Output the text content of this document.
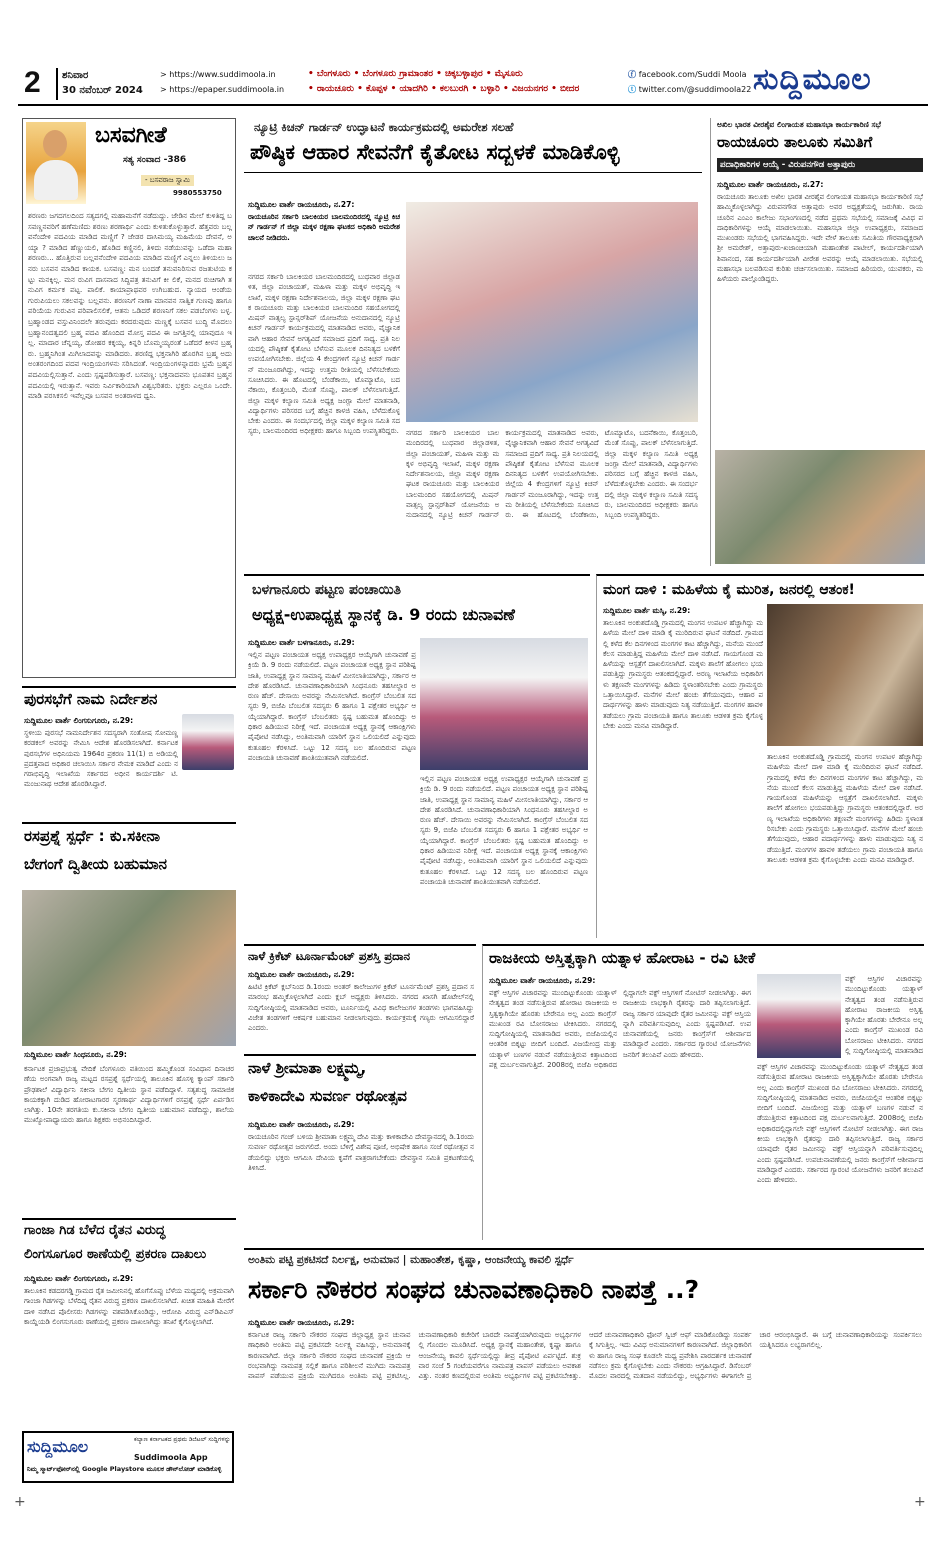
2 ಶನಿವಾರ
30 ನವೆಂಬರ್ 2024
> https://www.suddimoola.in
> https://epaper.suddimoola.in
• ಬೆಂಗಳೂರು • ಬೆಂಗಳೂರು ಗ್ರಾಮಾಂತರ • ಚಿಕ್ಕಬಳ್ಳಾಪುರ • ಮೈಸೂರು
• ರಾಯಚೂರು • ಕೊಪ್ಪಳ • ಯಾದಗಿರಿ • ಕಲಬುರಗಿ • ಬಳ್ಳಾರಿ • ವಿಜಯನಗರ • ಬೀದರ
ⓕ facebook.com/Suddi Moola
ⓣ twitter.com/@suddimoola22 ಸುದ್ದಿಮೂಲ
ಬಸವಗೀತೆ
ಸತ್ಯ ಸಂವಾದ -386
- ಬಸವರಾಜ ಸ್ವಾಮಿ
9980553750
ಶರಣರು ಜಗದಗಲದಿಂದ ಸತ್ಯದಗಲ್ಲಿ ಮಹಾಮನೆಗೆ ನಡೆದುದ್ದು. ಜೇಡಿನ ಮೇಲೆ ಕುಳಿತಿದ್ದ ಬಸವಣ್ಣನವರಿಗೆ ಹಣೆಮಣಿದು ಶರಣು ಶರಣಾರ್ಥಿ ಎಂದು ಕುಳಿತುಕೊಳ್ಳುತ್ತಾರೆ. ಹೆತ್ತವರು ಬಲ್ಲವನೆಂದೇಳಿ ಪದವಿಯ ಮಾಡಿದ ಮಣ್ಣಿಗೆ ? ಜೇಡರ ದಾಸಿಮಯ್ಯ ಮಹಿಮೆಯ ದೇವನೆ, ಅಯ್ಯಾ ? ಮಾಡಿದ ಹೆಣ್ಣುಯಲಿ, ಹೊಡಿದ ಕಣ್ಣಿನಲಿ, ತಿಳಿದು ನಡೆಯುವನ್ನು ಒಡೆದಾ ಮಹಾ ಶರಣರು... ಹೊತ್ತಿರುವ ಬಲ್ಲವನೆಂದೇಳಿ ಪದವಿಯ ಮಾಡಿದ ಮಣ್ಣಿಗೆ ಎನ್ನಲು ತಿಳಿಯಲು ಜನರು ಬಸವನ ಮಾಡಿದ ಕಾಯಕ. ಬಸವಣ್ಣ: ಮನ ಬಂದಡೆ ತನುವನಿರಿಸುವ ರಜತುಟಿಯ ಕಟ್ಟು ಮನಕ್ಕಿಲ್ಲ. ಮನ ರುವಿಗ ದಾಸನಾದ ಸಿದ್ಧಿಪತ್ರ ತನುವಿಗೆ ಕೀ ಲಿಕೆ, ಮನದ ರುಚಿಗಾಗಿ ತನುವಿಗ ಕರ್ಮಕ ಪಟ್ಟ. ಪಾಲಿಕೆ. ಕಾಯಾಪ್ರಾಥವರ ಉಗಿಬಹುದ. ನ್ಯಾಯದ ಆಂಡೆಯ ಗುರುಪಿಯಲು ಸಕಲವನ್ನು ಬಲ್ಲವನು. ಶರಣನಿಗೆ ನಾಣಾ ಮಾನವನ ಸಾತ್ವಿಕ ಗುಣವು ಹಾಗೂ ಪರಿಯೆಯ ಗುರುವಿನ ಪರಿಪಾಲಿಸಲಿಕೆ, ಆತನು ಒಡಿದರೆ ಶರಣನಿಗೆ ಸಕಲ ಪಡಬೆಂಗಳು ಬಳ್ಳ. ಬ್ರಹ್ಮಾಂಡದ ವಸ್ತುವಿನಿಂದಲೇ ತರುವುದು ಕರದರುವುದು ಮಣ್ಣಕ್ಕೆ ಬಸವನ ಬುದ್ಧಿ ಮೊದಲು ಬ್ರಹ್ಮಾನಂದತ್ವದಲಿ ಬ್ರಹ್ಮ ಪದವಿ ಹೊಂದಿದ ಮೋಸ್ತ ಪದವಿ ಈ ಜಗತ್ತಿನಲ್ಲಿ ಯಾವುದೂ ಇಲ್ಲ. ಮಾದಾರ ಚೆನ್ನಯ್ಯ, ಡೋಹರ ಕಕ್ಕಯ್ಯ, ಕಿನ್ನರಿ ಬೊಮ್ಮಯ್ಯರಂತೆ ಒಡೆದರೆ ಕೀಳನ ಬ್ರಹ್ಮರು. ಬ್ರಹ್ಮನಿಗಿಂತ ಮಿಗಿಲಾದವನ್ನು ಮಾಡಿದರು. ಶರಣಿದ್ದ ಭಕ್ತನಾಗಿರಿ ಹೊರಗಿನ ಬ್ರಹ್ಮ ಅದು ಅಂತರಂಗದಿಂದ ಪದವ ಇಂದ್ರಿಯಂಗಳನು ಸರಿಸಿದಂತೆ. ಇಂದ್ರಿಯಂಗಳನ್ನಾದರು ಭ್ರಮೆ ಬ್ರಹ್ಮನ ಪದವಿಯಲ್ಲಿಸುತ್ತಾನೆ. ಎಂದು ಸ್ಪಷ್ಟಪಡಿಸುತ್ತಾರೆ. ಬಸವಣ್ಣ: ಭಕ್ತನಾದವನು ಭೂಪತನ ಬ್ರಹ್ಮನ ಪದವಿಯಲ್ಲಿ ಇರುತ್ತಾನೆ. ಇವರು ನಿರ್ವಿಕಾರಿಯಾಗಿ ವಿಶ್ವಭರಿತರು. ಭಕ್ತರು ಎಲ್ಲರೂ ಒಂದೇ. ಮಾಡಿ ಪರಸಿಕಸಲಿ ಇವೆಲ್ಲವೂ ಬಸವನ ಅಂತರಾಳದ ಧ್ವನಿ.
ಪುರಸಭೆಗೆ ನಾಮ ನಿರ್ದೇಶನ
ಸುದ್ದಿಮೂಲ ವಾರ್ತೆ ಲಿಂಗಸುಗೂರು, ನ.29:
ಸ್ಥಳೀಯ ಪುರಸಭೆ ನಾಮನಿರ್ದೇಶನ ಸದಸ್ಯರಾಗಿ ಸಂತೋಷ ಸೋಮಣ್ಣ ಕರಡಕಲ್ ಅವರನ್ನು ನೇಮಿಸಿ ಆದೇಶ ಹೊರಡಿಸಲಾಗಿದೆ. ಕರ್ನಾಟಕ ಪುರಸಭೆಗಳ ಅಧಿನಿಯಮ 1964ರ ಪ್ರಕರಣ 11(1) ಬಿ ಅಡಿಯಲ್ಲಿ ಪ್ರದತ್ತವಾದ ಅಧಿಕಾರ ಚಲಾಯಿಸಿ ಸರ್ಕಾರ ನೇಮಕ ಮಾಡಿದೆ ಎಂದು ನಗರಾಭಿವೃದ್ಧಿ ಇಲಾಖೆಯ ಸರ್ಕಾರದ ಅಧೀನ ಕಾರ್ಯದರ್ಶಿ ಟಿ.ಮಂಜುನಾಥ ಆದೇಶ ಹೊರಡಿಸಿದ್ದಾರೆ.
ರಸಪ್ರಶ್ನೆ ಸ್ಪರ್ಧೆ : ಕು.ಸಕೀನಾ
ಬೇಗಂಗೆ ದ್ವಿತೀಯ ಬಹುಮಾನ
ಸುದ್ದಿಮೂಲ ವಾರ್ತೆ ಸಿಂಧನೂರು, ನ.29:
ಕರ್ನಾಟಕ ಪ್ರಜಾಪ್ರಭುತ್ವ ವೇದಿಕೆ ಬೆಂಗಳೂರು ವತಿಯಿಂದ ಹಮ್ಮಿಕೊಂಡ ಸಂವಿಧಾನ ದಿನಾಚರಣೆಯ ಅಂಗವಾಗಿ ರಾಜ್ಯ ಮಟ್ಟದ ರಸಪ್ರಶ್ನೆ ಸ್ಪರ್ಧೆಯಲ್ಲಿ ತಾಲೂಕಿನ ಹೊಸಳ್ಳಿ ಕ್ಯಾಂಪ್ ಸರ್ಕಾರಿ ಪ್ರೌಢಶಾಲೆ ವಿದ್ಯಾರ್ಥಿನಿ ಸಕೀನಾ ಬೇಗಂ ದ್ವಿತೀಯ ಸ್ಥಾನ ಪಡೆದಿದ್ದಾಳೆ. ಸತ್ಯಶುದ್ಧ ಸಾಮಾಜಿಕ ಕಾಯಕಕ್ಕಾಗಿ ದುಡಿದ ಹೋರಾಟಗಾರರ ಸ್ಮರಣಾರ್ಥ ವಿದ್ಯಾರ್ಥಿಗಳಿಗೆ ರಸಪ್ರಶ್ನೆ ಸ್ಪರ್ಧೆ ಏರ್ಪಡಿಸಲಾಗಿತ್ತು. 10ನೇ ತರಗತಿಯ ಕು.ಸಕೀನಾ ಬೇಗಂ ದ್ವಿತೀಯ ಬಹುಮಾನ ಪಡೆದಿದ್ದು, ಶಾಲೆಯ ಮುಖ್ಯೋಪಾಧ್ಯಾಯರು ಹಾಗೂ ಶಿಕ್ಷಕರು ಅಭಿನಂದಿಸಿದ್ದಾರೆ.
ಗಾಂಜಾ ಗಿಡ ಬೆಳೆದ ರೈತನ ವಿರುದ್ಧ
ಲಿಂಗಸೂಗೂರ ಠಾಣೆಯಲ್ಲಿ ಪ್ರಕರಣ ದಾಖಲು
ಸುದ್ದಿಮೂಲ ವಾರ್ತೆ ಲಿಂಗಸುಗೂರು, ನ.29:
ತಾಲೂಕಿನ ಕಡದರಗಡ್ಡಿ ಗ್ರಾಮದ ರೈತ ಜಮೀನಿನಲ್ಲಿ ಹೊಗೆಸೊಪ್ಪು ಬೆಳೆಯ ಮಧ್ಯದಲ್ಲಿ ಅಕ್ರಮವಾಗಿ ಗಾಂಜಾ ಗಿಡಗಳನ್ನು ಬೆಳೆದಿದ್ದ ರೈತನ ವಿರುದ್ಧ ಪ್ರಕರಣ ದಾಖಲಿಸಲಾಗಿದೆ. ಖಚಿತ ಮಾಹಿತಿ ಮೇರೆಗೆ ದಾಳಿ ನಡೆಸಿದ ಪೊಲೀಸರು ಗಿಡಗಳನ್ನು ವಶಪಡಿಸಿಕೊಂಡಿದ್ದು, ಆರೋಪಿ ವಿರುದ್ಧ ಎನ್‌ಡಿಪಿಎಸ್ ಕಾಯ್ದೆಯಡಿ ಲಿಂಗಸುಗೂರು ಠಾಣೆಯಲ್ಲಿ ಪ್ರಕರಣ ದಾಖಲಾಗಿದ್ದು ತನಿಖೆ ಕೈಗೊಳ್ಳಲಾಗಿದೆ.
ಸುದ್ದಿಮೂಲ	ಕಲ್ಯಾಣ ಕರ್ನಾಟಕದ ಪ್ರಥಮ ಡಿಜಿಟಲ್ ಸುದ್ದಿಗಳನ್ನು
Suddimoola App
ನಿಮ್ಮ ಸ್ಮಾರ್ಟ್‌ಫೋನ್‌ನಲ್ಲಿ Google Playstore ಮೂಲಕ ಡೌನ್‌ಲೋಡ್ ಮಾಡಿಕೊಳ್ಳಿ
ನ್ಯೂಟ್ರಿ ಕಿಚನ್ ಗಾರ್ಡನ್ ಉದ್ಘಾಟನೆ ಕಾರ್ಯಕ್ರಮದಲ್ಲಿ ಅಮರೇಶ ಸಲಹೆ
ಪೌಷ್ಠಿಕ ಆಹಾರ ಸೇವನೆಗೆ ಕೈತೋಟ ಸದ್ಬಳಕೆ ಮಾಡಿಕೊಳ್ಳಿ
ಸುದ್ದಿಮೂಲ ವಾರ್ತೆ ರಾಯಚೂರು, ನ.27:
ರಾಯಚೂರಿನ ಸರ್ಕಾರಿ ಬಾಲಕಿಯರ ಬಾಲಮಂದಿರದಲ್ಲಿ ನ್ಯೂಟ್ರಿ ಕಿಚನ್ ಗಾರ್ಡನ್ ಗೆ ಜಿಲ್ಲಾ ಮಕ್ಕಳ ರಕ್ಷಣಾ ಘಟಕದ ಅಧಿಕಾರಿ ಅಮರೇಶ ಚಾಲನೆ ನೀಡಿದರು.
ನಗರದ ಸರ್ಕಾರಿ ಬಾಲಕಿಯರ ಬಾಲಮಂದಿರದಲ್ಲಿ ಬುಧವಾರ ಜಿಲ್ಲಾಡಳಿತ, ಜಿಲ್ಲಾ ಪಂಚಾಯತ್, ಮಹಿಳಾ ಮತ್ತು ಮಕ್ಕಳ ಅಭಿವೃದ್ಧಿ ಇಲಾಖೆ, ಮಕ್ಕಳ ರಕ್ಷಣಾ ನಿರ್ದೇಶನಾಲಯ, ಜಿಲ್ಲಾ ಮಕ್ಕಳ ರಕ್ಷಣಾ ಘಟಕ ರಾಯಚೂರು ಮತ್ತು ಬಾಲಕಿಯರ ಬಾಲಮಂದಿರ ಸಹಯೋಗದಲ್ಲಿ ಮಿಷನ್ ವಾತ್ಸಲ್ಯ ಸ್ಪಾನ್ಸರ್‌ಶಿಪ್ ಯೋಜನೆಯ ಅನುದಾನದಲ್ಲಿ ನ್ಯೂಟ್ರಿ ಕಿಚನ್ ಗಾರ್ಡನ್ ಕಾರ್ಯಕ್ರಮದಲ್ಲಿ ಮಾತನಾಡಿದ ಅವರು, ವೈಜ್ಞಾನಿಕವಾಗಿ ಆಹಾರ ಸೇವನೆ ಅಗತ್ಯವಿದೆ ಸಮಾಜದ ಪ್ರದಿಗೆ ಸಾಧ್ಯ. ಪ್ರತಿ ನಿಲಯದಲ್ಲಿ ಪೌಷ್ಠಿಕತೆ ಕೈತೋಟ ಬೆಳೆಸುವ ಮೂಲಕ ದಿನನಿತ್ಯದ ಬಳಕೆಗೆ ಉಪಯೋಗಿಸಬೇಕು. ಜಿಲ್ಲೆಯ 4 ಕೇಂದ್ರಗಳಿಗೆ ನ್ಯೂಟ್ರಿ ಕಿಚನ್ ಗಾರ್ಡನ್ ಮಂಜೂರಾಗಿದ್ದು, ಇದನ್ನು ಉತ್ತಮ ರೀತಿಯಲ್ಲಿ ಬೆಳೆಸಬೇಕೆಂದು ಸೂಚಿಸಿದರು. ಈ ಹೊಟದಲ್ಲಿ ಬೆಂಡೆಕಾಯಿ, ಟೊಮ್ಯಾಟೊ, ಬದನೆಕಾಯಿ, ಕೊತ್ತಂಬರಿ, ಮೆಂತೆ ಸೊಪ್ಪು, ಪಾಲಕ್ ಬೆಳೆಸಲಾಗುತ್ತಿದೆ. ಜಿಲ್ಲಾ ಮಕ್ಕಳ ಕಲ್ಯಾಣ ಸಮಿತಿ ಅಧ್ಯಕ್ಷ ಜಂಗ್ಲಾ ಮೇಲೆ ಮಾತನಾಡಿ, ವಿದ್ಯಾರ್ಥಿಗಳು ಪರಿಸರದ ಬಗ್ಗೆ ಹೆಚ್ಚಿನ ಕಾಳಜಿ ವಹಿಸಿ, ಬೆಳೆದುಕೊಳ್ಳಬೇಕು ಎಂದರು. ಈ ಸಂದರ್ಭದಲ್ಲಿ ಜಿಲ್ಲಾ ಮಕ್ಕಳ ಕಲ್ಯಾಣ ಸಮಿತಿ ಸದಸ್ಯರು, ಬಾಲಮಂದಿರದ ಅಧೀಕ್ಷಕರು ಹಾಗೂ ಸಿಬ್ಬಂದಿ ಉಪಸ್ಥಿತರಿದ್ದರು. ನಗರದ ಸರ್ಕಾರಿ ಬಾಲಕಿಯರ ಬಾಲಮಂದಿರದಲ್ಲಿ ಬುಧವಾರ ಜಿಲ್ಲಾಡಳಿತ, ಜಿಲ್ಲಾ ಪಂಚಾಯತ್, ಮಹಿಳಾ ಮತ್ತು ಮಕ್ಕಳ ಅಭಿವೃದ್ಧಿ ಇಲಾಖೆ, ಮಕ್ಕಳ ರಕ್ಷಣಾ ನಿರ್ದೇಶನಾಲಯ, ಜಿಲ್ಲಾ ಮಕ್ಕಳ ರಕ್ಷಣಾ ಘಟಕ ರಾಯಚೂರು ಮತ್ತು ಬಾಲಕಿಯರ ಬಾಲಮಂದಿರ ಸಹಯೋಗದಲ್ಲಿ ಮಿಷನ್ ವಾತ್ಸಲ್ಯ ಸ್ಪಾನ್ಸರ್‌ಶಿಪ್ ಯೋಜನೆಯ ಅನುದಾನದಲ್ಲಿ ನ್ಯೂಟ್ರಿ ಕಿಚನ್ ಗಾರ್ಡನ್ ಕಾರ್ಯಕ್ರಮದಲ್ಲಿ ಮಾತನಾಡಿದ ಅವರು, ವೈಜ್ಞಾನಿಕವಾಗಿ ಆಹಾರ ಸೇವನೆ ಅಗತ್ಯವಿದೆ ಸಮಾಜದ ಪ್ರದಿಗೆ ಸಾಧ್ಯ. ಪ್ರತಿ ನಿಲಯದಲ್ಲಿ ಪೌಷ್ಠಿಕತೆ ಕೈತೋಟ ಬೆಳೆಸುವ ಮೂಲಕ ದಿನನಿತ್ಯದ ಬಳಕೆಗೆ ಉಪಯೋಗಿಸಬೇಕು. ಜಿಲ್ಲೆಯ 4 ಕೇಂದ್ರಗಳಿಗೆ ನ್ಯೂಟ್ರಿ ಕಿಚನ್ ಗಾರ್ಡನ್ ಮಂಜೂರಾಗಿದ್ದು, ಇದನ್ನು ಉತ್ತಮ ರೀತಿಯಲ್ಲಿ ಬೆಳೆಸಬೇಕೆಂದು ಸೂಚಿಸಿದರು. ಈ ಹೊಟದಲ್ಲಿ ಬೆಂಡೆಕಾಯಿ, ಟೊಮ್ಯಾಟೊ, ಬದನೆಕಾಯಿ, ಕೊತ್ತಂಬರಿ, ಮೆಂತೆ ಸೊಪ್ಪು, ಪಾಲಕ್ ಬೆಳೆಸಲಾಗುತ್ತಿದೆ. ಜಿಲ್ಲಾ ಮಕ್ಕಳ ಕಲ್ಯಾಣ ಸಮಿತಿ ಅಧ್ಯಕ್ಷ ಜಂಗ್ಲಾ ಮೇಲೆ ಮಾತನಾಡಿ, ವಿದ್ಯಾರ್ಥಿಗಳು ಪರಿಸರದ ಬಗ್ಗೆ ಹೆಚ್ಚಿನ ಕಾಳಜಿ ವಹಿಸಿ, ಬೆಳೆದುಕೊಳ್ಳಬೇಕು ಎಂದರು. ಈ ಸಂದರ್ಭದಲ್ಲಿ ಜಿಲ್ಲಾ ಮಕ್ಕಳ ಕಲ್ಯಾಣ ಸಮಿತಿ ಸದಸ್ಯರು, ಬಾಲಮಂದಿರದ ಅಧೀಕ್ಷಕರು ಹಾಗೂ ಸಿಬ್ಬಂದಿ ಉಪಸ್ಥಿತರಿದ್ದರು.
ಅಖಿಲ ಭಾರತ ವೀರಶೈವ ಲಿಂಗಾಯತ ಮಹಾಸಭಾ ಕಾರ್ಯಕಾರಿಣಿ ಸಭೆ
ರಾಯಚೂರು ತಾಲೂಕು ಸಮಿತಿಗೆ
ಪದಾಧಿಕಾರಿಗಳ ಆಯ್ಕೆ - ವಿರುಪನಗೌಡ ಅತ್ತಾಪುರು
ಸುದ್ದಿಮೂಲ ವಾರ್ತೆ ರಾಯಚೂರು, ನ.27:
ರಾಯಚೂರು ತಾಲೂಕು ಅಖಿಲ ಭಾರತ ವೀರಶೈವ ಲಿಂಗಾಯತ ಮಹಾಸಭಾ ಕಾರ್ಯಕಾರಿಣಿ ಸಭೆ ಹಾಮ್ಮಿಕೊಳ್ಳಲಾಗಿದ್ದು ವಿರುಪನಗೌಡ ಅತ್ತಾಪುರು ಅವರ ಅಧ್ಯಕ್ಷತೆಯಲ್ಲಿ ಜರುಗಿತು. ರಾಯಚೂರಿನ ಎಂಎಂ ಕಾಲೇಜು ಸಭಾಂಗಣದಲ್ಲಿ ನಡೆದ ಪ್ರಥಮ ಸಭೆಯಲ್ಲಿ ಸಮಾಜಕ್ಕೆ ವಿವಿಧ ಪದಾಧಿಕಾರಿಗಳನ್ನು ಆಯ್ಕೆ ಮಾಡಲಾಯಿತು. ಮಹಾಸಭಾ ಜಿಲ್ಲಾ ಉಪಾಧ್ಯಕ್ಷರು, ಸಮಾಜದ ಮುಖಂಡರು ಸಭೆಯಲ್ಲಿ ಭಾಗವಹಿಸಿದ್ದರು. ಇದೇ ವೇಳೆ ತಾಲೂಕು ಸಮಿತಿಯ ಗೌರವಾಧ್ಯಕ್ಷರಾಗಿ ಶ್ರೀ ಅಮರೇಶ್, ಅತ್ತಾಪುರು-ಖಜಾಂಚಿಯಾಗಿ ಮಹಾಂತೇಶ ಪಾಟೀಲ್, ಕಾರ್ಯದರ್ಶಿಯಾಗಿ ಶಿವಾನಂದ, ಸಹ ಕಾರ್ಯದರ್ಶಿಯಾಗಿ ವೀರೇಶ ಅವರನ್ನು ಆಯ್ಕೆ ಮಾಡಲಾಯಿತು. ಸಭೆಯಲ್ಲಿ ಮಹಾಸಭಾ ಬಲಪಡಿಸುವ ಕುರಿತು ಚರ್ಚಿಸಲಾಯಿತು. ಸಮಾಜದ ಹಿರಿಯರು, ಯುವಕರು, ಮಹಿಳೆಯರು ಪಾಲ್ಗೊಂಡಿದ್ದರು.
ಬಳಗಾನೂರು ಪಟ್ಟಣ ಪಂಚಾಯಿತಿ
ಅಧ್ಯಕ್ಷ-ಉಪಾಧ್ಯಕ್ಷ ಸ್ಥಾನಕ್ಕೆ ಡಿ. 9 ರಂದು ಚುನಾವಣೆ
ಸುದ್ದಿಮೂಲ ವಾರ್ತೆ ಬಳಗಾನೂರು, ನ.29:
ಇಲ್ಲಿನ ಪಟ್ಟಣ ಪಂಚಾಯತ ಅಧ್ಯಕ್ಷ ಉಪಾಧ್ಯಕ್ಷರ ಆಯ್ಕೆಗಾಗಿ ಚುನಾವಣೆ ಪ್ರಕ್ರಿಯೆ ಡಿ. 9 ರಂದು ನಡೆಯಲಿದೆ. ಪಟ್ಟಣ ಪಂಚಾಯತ ಅಧ್ಯಕ್ಷ ಸ್ಥಾನ ಪರಿಶಿಷ್ಟ ಜಾತಿ, ಉಪಾಧ್ಯಕ್ಷ ಸ್ಥಾನ ಸಾಮಾನ್ಯ ಮಹಿಳೆ ಮೀಸಲಾತಿಯಾಗಿದ್ದು, ಸರ್ಕಾರ ಆದೇಶ ಹೊರಡಿಸಿದೆ. ಚುನಾವಣಾಧಿಕಾರಿಯಾಗಿ ಸಿಂಧನೂರು ತಹಸೀಲ್ದಾರ ಅರುಣ ಹೆಚ್. ದೇಸಾಯಿ ಅವರನ್ನು ನೇಮಿಸಲಾಗಿದೆ. ಕಾಂಗ್ರೆಸ್ ಬೆಂಬಲಿತ ಸದಸ್ಯರು 9, ಬಿಜೆಪಿ ಬೆಂಬಲಿತ ಸದಸ್ಯರು 6 ಹಾಗೂ 1 ಪಕ್ಷೇತರ ಅಭ್ಯರ್ಥಿ ಆಯ್ಕೆಯಾಗಿದ್ದಾರೆ. ಕಾಂಗ್ರೆಸ್ ಬೆಂಬಲಿತರು ಸ್ಪಷ್ಟ ಬಹುಮತ ಹೊಂದಿದ್ದು ಅಧಿಕಾರ ಹಿಡಿಯುವ ನಿರೀಕ್ಷೆ ಇದೆ. ಪಂಚಾಯತ ಅಧ್ಯಕ್ಷ ಸ್ಥಾನಕ್ಕೆ ಆಕಾಂಕ್ಷಿಗಳು ಪೈಪೋಟಿ ನಡೆಸಿದ್ದು, ಅಂತಿಮವಾಗಿ ಯಾರಿಗೆ ಸ್ಥಾನ ಒಲಿಯಲಿದೆ ಎನ್ನುವುದು ಕುತೂಹಲ ಕೆರಳಿಸಿದೆ. ಒಟ್ಟು 12 ಸದಸ್ಯ ಬಲ ಹೊಂದಿರುವ ಪಟ್ಟಣ ಪಂಚಾಯತಿ ಚುನಾವಣೆ ಶಾಂತಿಯುತವಾಗಿ ನಡೆಯಲಿದೆ.
ಇಲ್ಲಿನ ಪಟ್ಟಣ ಪಂಚಾಯತ ಅಧ್ಯಕ್ಷ ಉಪಾಧ್ಯಕ್ಷರ ಆಯ್ಕೆಗಾಗಿ ಚುನಾವಣೆ ಪ್ರಕ್ರಿಯೆ ಡಿ. 9 ರಂದು ನಡೆಯಲಿದೆ. ಪಟ್ಟಣ ಪಂಚಾಯತ ಅಧ್ಯಕ್ಷ ಸ್ಥಾನ ಪರಿಶಿಷ್ಟ ಜಾತಿ, ಉಪಾಧ್ಯಕ್ಷ ಸ್ಥಾನ ಸಾಮಾನ್ಯ ಮಹಿಳೆ ಮೀಸಲಾತಿಯಾಗಿದ್ದು, ಸರ್ಕಾರ ಆದೇಶ ಹೊರಡಿಸಿದೆ. ಚುನಾವಣಾಧಿಕಾರಿಯಾಗಿ ಸಿಂಧನೂರು ತಹಸೀಲ್ದಾರ ಅರುಣ ಹೆಚ್. ದೇಸಾಯಿ ಅವರನ್ನು ನೇಮಿಸಲಾಗಿದೆ. ಕಾಂಗ್ರೆಸ್ ಬೆಂಬಲಿತ ಸದಸ್ಯರು 9, ಬಿಜೆಪಿ ಬೆಂಬಲಿತ ಸದಸ್ಯರು 6 ಹಾಗೂ 1 ಪಕ್ಷೇತರ ಅಭ್ಯರ್ಥಿ ಆಯ್ಕೆಯಾಗಿದ್ದಾರೆ. ಕಾಂಗ್ರೆಸ್ ಬೆಂಬಲಿತರು ಸ್ಪಷ್ಟ ಬಹುಮತ ಹೊಂದಿದ್ದು ಅಧಿಕಾರ ಹಿಡಿಯುವ ನಿರೀಕ್ಷೆ ಇದೆ. ಪಂಚಾಯತ ಅಧ್ಯಕ್ಷ ಸ್ಥಾನಕ್ಕೆ ಆಕಾಂಕ್ಷಿಗಳು ಪೈಪೋಟಿ ನಡೆಸಿದ್ದು, ಅಂತಿಮವಾಗಿ ಯಾರಿಗೆ ಸ್ಥಾನ ಒಲಿಯಲಿದೆ ಎನ್ನುವುದು ಕುತೂಹಲ ಕೆರಳಿಸಿದೆ. ಒಟ್ಟು 12 ಸದಸ್ಯ ಬಲ ಹೊಂದಿರುವ ಪಟ್ಟಣ ಪಂಚಾಯತಿ ಚುನಾವಣೆ ಶಾಂತಿಯುತವಾಗಿ ನಡೆಯಲಿದೆ.
ಮಂಗ ದಾಳಿ : ಮಹಿಳೆಯ ಕೈ ಮುರಿತ, ಜನರಲ್ಲಿ ಆತಂಕ!
ಸುದ್ದಿಮೂಲ ವಾರ್ತೆ ಮಸ್ಕಿ, ನ.29:
ತಾಲೂಕಿನ ಅಂಕುಶದೊಡ್ಡಿ ಗ್ರಾಮದಲ್ಲಿ ಮಂಗನ ಉಪಟಳ ಹೆಚ್ಚಾಗಿದ್ದು ಮಹಿಳೆಯ ಮೇಲೆ ದಾಳಿ ಮಾಡಿ ಕೈ ಮುರಿದಿರುವ ಘಟನೆ ನಡೆದಿದೆ. ಗ್ರಾಮದಲ್ಲಿ ಕಳೆದ ಕೆಲ ದಿನಗಳಿಂದ ಮಂಗಗಳ ಕಾಟ ಹೆಚ್ಚಾಗಿದ್ದು, ಮನೆಯ ಮುಂದೆ ಕೆಲಸ ಮಾಡುತ್ತಿದ್ದ ಮಹಿಳೆಯ ಮೇಲೆ ದಾಳಿ ನಡೆಸಿದೆ. ಗಾಯಗೊಂಡ ಮಹಿಳೆಯನ್ನು ಆಸ್ಪತ್ರೆಗೆ ದಾಖಲಿಸಲಾಗಿದೆ. ಮಕ್ಕಳು ಶಾಲೆಗೆ ಹೋಗಲು ಭಯಪಡುತ್ತಿದ್ದು ಗ್ರಾಮಸ್ಥರು ಆತಂಕದಲ್ಲಿದ್ದಾರೆ. ಅರಣ್ಯ ಇಲಾಖೆಯ ಅಧಿಕಾರಿಗಳು ತಕ್ಷಣವೇ ಮಂಗಗಳನ್ನು ಹಿಡಿದು ಸ್ಥಳಾಂತರಿಸಬೇಕು ಎಂದು ಗ್ರಾಮಸ್ಥರು ಒತ್ತಾಯಿಸಿದ್ದಾರೆ. ಮನೆಗಳ ಮೇಲೆ ಹಂಚು ತೆಗೆಯುವುದು, ಆಹಾರ ಪದಾರ್ಥಗಳನ್ನು ಹಾಳು ಮಾಡುವುದು ನಿತ್ಯ ನಡೆಯುತ್ತಿದೆ. ಮಂಗಗಳ ಹಾವಳಿ ತಡೆಯಲು ಗ್ರಾಮ ಪಂಚಾಯತಿ ಹಾಗೂ ತಾಲೂಕು ಆಡಳಿತ ಕ್ರಮ ಕೈಗೊಳ್ಳಬೇಕು ಎಂದು ಮನವಿ ಮಾಡಿದ್ದಾರೆ.
ತಾಲೂಕಿನ ಅಂಕುಶದೊಡ್ಡಿ ಗ್ರಾಮದಲ್ಲಿ ಮಂಗನ ಉಪಟಳ ಹೆಚ್ಚಾಗಿದ್ದು ಮಹಿಳೆಯ ಮೇಲೆ ದಾಳಿ ಮಾಡಿ ಕೈ ಮುರಿದಿರುವ ಘಟನೆ ನಡೆದಿದೆ. ಗ್ರಾಮದಲ್ಲಿ ಕಳೆದ ಕೆಲ ದಿನಗಳಿಂದ ಮಂಗಗಳ ಕಾಟ ಹೆಚ್ಚಾಗಿದ್ದು, ಮನೆಯ ಮುಂದೆ ಕೆಲಸ ಮಾಡುತ್ತಿದ್ದ ಮಹಿಳೆಯ ಮೇಲೆ ದಾಳಿ ನಡೆಸಿದೆ. ಗಾಯಗೊಂಡ ಮಹಿಳೆಯನ್ನು ಆಸ್ಪತ್ರೆಗೆ ದಾಖಲಿಸಲಾಗಿದೆ. ಮಕ್ಕಳು ಶಾಲೆಗೆ ಹೋಗಲು ಭಯಪಡುತ್ತಿದ್ದು ಗ್ರಾಮಸ್ಥರು ಆತಂಕದಲ್ಲಿದ್ದಾರೆ. ಅರಣ್ಯ ಇಲಾಖೆಯ ಅಧಿಕಾರಿಗಳು ತಕ್ಷಣವೇ ಮಂಗಗಳನ್ನು ಹಿಡಿದು ಸ್ಥಳಾಂತರಿಸಬೇಕು ಎಂದು ಗ್ರಾಮಸ್ಥರು ಒತ್ತಾಯಿಸಿದ್ದಾರೆ. ಮನೆಗಳ ಮೇಲೆ ಹಂಚು ತೆಗೆಯುವುದು, ಆಹಾರ ಪದಾರ್ಥಗಳನ್ನು ಹಾಳು ಮಾಡುವುದು ನಿತ್ಯ ನಡೆಯುತ್ತಿದೆ. ಮಂಗಗಳ ಹಾವಳಿ ತಡೆಯಲು ಗ್ರಾಮ ಪಂಚಾಯತಿ ಹಾಗೂ ತಾಲೂಕು ಆಡಳಿತ ಕ್ರಮ ಕೈಗೊಳ್ಳಬೇಕು ಎಂದು ಮನವಿ ಮಾಡಿದ್ದಾರೆ.
ನಾಳೆ ಕ್ರಿಕೆಟ್ ಟೂರ್ನಾಮೆಂಟ್ ಪ್ರಶಸ್ತಿ ಪ್ರದಾನ
ಸುದ್ದಿಮೂಲ ವಾರ್ತೆ ರಾಯಚೂರು, ನ.29:
ಹಿಟಿಟಿ ಕ್ರಿಕೆಟ್ ಕ್ಲಬ್‌ನಿಂದ ಡಿ.1ರಂದು ಅಂತರ್ ಕಾಲೇಜುಗಳ ಕ್ರಿಕೆಟ್ ಟೂರ್ನಮೆಂಟ್ ಪ್ರಶಸ್ತಿ ಪ್ರದಾನ ಸಮಾರಂಭ ಹಮ್ಮಿಕೊಳ್ಳಲಾಗಿದೆ ಎಂದು ಕ್ಲಬ್ ಅಧ್ಯಕ್ಷರು ತಿಳಿಸಿದರು. ನಗರದ ಖಾಸಗಿ ಹೊಟೇಲ್‌ನಲ್ಲಿ ಸುದ್ದಿಗೋಷ್ಠಿಯಲ್ಲಿ ಮಾತನಾಡಿದ ಅವರು, ಟೂರ್ನಿಯಲ್ಲಿ ವಿವಿಧ ಕಾಲೇಜುಗಳ ತಂಡಗಳು ಭಾಗವಹಿಸಿದ್ದು ವಿಜೇತ ತಂಡಗಳಿಗೆ ಆಕರ್ಷಕ ಬಹುಮಾನ ನೀಡಲಾಗುವುದು. ಕಾರ್ಯಕ್ರಮಕ್ಕೆ ಗಣ್ಯರು ಆಗಮಿಸಲಿದ್ದಾರೆ ಎಂದರು.
ನಾಳೆ ಶ್ರೀಮಾತಾ ಲಕ್ಷ್ಮಮ್ಮ,
ಕಾಳಿಕಾದೇವಿ ಸುವರ್ಣ ರಥೋತ್ಸವ
ಸುದ್ದಿಮೂಲ ವಾರ್ತೆ ರಾಯಚೂರು, ನ.29:
ರಾಯಚೂರಿನ ಗಂಜ್ ಬಳಿಯ ಶ್ರೀಮಾತಾ ಲಕ್ಷ್ಮಮ್ಮ ದೇವಿ ಮತ್ತು ಕಾಳಿಕಾದೇವಿ ದೇವಸ್ಥಾನದಲ್ಲಿ ಡಿ.1ರಂದು ಸುವರ್ಣ ರಥೋತ್ಸವ ಜರುಗಲಿದೆ. ಅಂದು ಬೆಳಿಗ್ಗೆ ವಿಶೇಷ ಪೂಜೆ, ಅಭಿಷೇಕ ಹಾಗೂ ಸಂಜೆ ರಥೋತ್ಸವ ನಡೆಯಲಿದ್ದು ಭಕ್ತರು ಆಗಮಿಸಿ ದೇವಿಯ ಕೃಪೆಗೆ ಪಾತ್ರರಾಗಬೇಕೆಂದು ದೇವಸ್ಥಾನ ಸಮಿತಿ ಪ್ರಕಟಣೆಯಲ್ಲಿ ತಿಳಿಸಿದೆ.
ರಾಜಕೀಯ ಅಸ್ತಿತ್ವಕ್ಕಾಗಿ ಯತ್ನಾಳ ಹೋರಾಟ - ರವಿ ಟೀಕೆ
ಸುದ್ದಿಮೂಲ ವಾರ್ತೆ ರಾಯಚೂರು, ನ.29:
ವಕ್ಫ್ ಆಸ್ತಿಗಳ ವಿಚಾರವನ್ನು ಮುಂದಿಟ್ಟುಕೊಂಡು ಯತ್ನಾಳ್ ನೇತೃತ್ವದ ತಂಡ ನಡೆಸುತ್ತಿರುವ ಹೋರಾಟ ರಾಜಕೀಯ ಅಸ್ತಿತ್ವಕ್ಕಾಗಿಯೇ ಹೊರತು ಬೇರೇನೂ ಅಲ್ಲ ಎಂದು ಕಾಂಗ್ರೆಸ್ ಮುಖಂಡ ರವಿ ಬೋಸರಾಜು ಟೀಕಿಸಿದರು. ನಗರದಲ್ಲಿ ಸುದ್ದಿಗೋಷ್ಠಿಯಲ್ಲಿ ಮಾತನಾಡಿದ ಅವರು, ಬಿಜೆಪಿಯಲ್ಲಿನ ಆಂತರಿಕ ಬಿಕ್ಕಟ್ಟು ಬೀದಿಗೆ ಬಂದಿದೆ. ವಿಜಯೇಂದ್ರ ಮತ್ತು ಯತ್ನಾಳ್ ಬಣಗಳ ನಡುವೆ ನಡೆಯುತ್ತಿರುವ ಕಿತ್ತಾಟದಿಂದ ಪಕ್ಷ ದುರ್ಬಲವಾಗುತ್ತಿದೆ. 2008ರಲ್ಲಿ ಬಿಜೆಪಿ ಅಧಿಕಾರದಲ್ಲಿದ್ದಾಗಲೇ ವಕ್ಫ್ ಆಸ್ತಿಗಳಿಗೆ ನೋಟಿಸ್ ನೀಡಲಾಗಿತ್ತು. ಈಗ ರಾಜಕೀಯ ಲಾಭಕ್ಕಾಗಿ ರೈತರನ್ನು ದಾರಿ ತಪ್ಪಿಸಲಾಗುತ್ತಿದೆ. ರಾಜ್ಯ ಸರ್ಕಾರ ಯಾವುದೇ ರೈತರ ಜಮೀನನ್ನು ವಕ್ಫ್ ಆಸ್ತಿಯನ್ನಾಗಿ ಪರಿವರ್ತಿಸುವುದಿಲ್ಲ ಎಂದು ಸ್ಪಷ್ಟಪಡಿಸಿದೆ. ಉಪಚುನಾವಣೆಯಲ್ಲಿ ಜನರು ಕಾಂಗ್ರೆಸ್‌ಗೆ ಆಶೀರ್ವಾದ ಮಾಡಿದ್ದಾರೆ ಎಂದರು. ಸರ್ಕಾರದ ಗ್ಯಾರಂಟಿ ಯೋಜನೆಗಳು ಜನರಿಗೆ ತಲುಪಿವೆ ಎಂದು ಹೇಳಿದರು.
ವಕ್ಫ್ ಆಸ್ತಿಗಳ ವಿಚಾರವನ್ನು ಮುಂದಿಟ್ಟುಕೊಂಡು ಯತ್ನಾಳ್ ನೇತೃತ್ವದ ತಂಡ ನಡೆಸುತ್ತಿರುವ ಹೋರಾಟ ರಾಜಕೀಯ ಅಸ್ತಿತ್ವಕ್ಕಾಗಿಯೇ ಹೊರತು ಬೇರೇನೂ ಅಲ್ಲ ಎಂದು ಕಾಂಗ್ರೆಸ್ ಮುಖಂಡ ರವಿ ಬೋಸರಾಜು ಟೀಕಿಸಿದರು. ನಗರದಲ್ಲಿ ಸುದ್ದಿಗೋಷ್ಠಿಯಲ್ಲಿ ಮಾತನಾಡಿದ ಅವರು, ಬಿಜೆಪಿಯಲ್ಲಿನ ಆಂತರಿಕ ಬಿಕ್ಕಟ್ಟು ಬೀದಿಗೆ ಬಂದಿದೆ. ವಿಜಯೇಂದ್ರ ಮತ್ತು ಯತ್ನಾಳ್ ಬಣಗಳ ನಡುವೆ ನಡೆಯುತ್ತಿರುವ ಕಿತ್ತಾಟದಿಂದ ಪಕ್ಷ ದುರ್ಬಲವಾಗುತ್ತಿದೆ. 2008ರಲ್ಲಿ ಬಿಜೆಪಿ ಅಧಿಕಾರದಲ್ಲಿದ್ದಾಗಲೇ ವಕ್ಫ್ ಆಸ್ತಿಗಳಿಗೆ ನೋಟಿಸ್ ನೀಡಲಾಗಿತ್ತು. ಈಗ ರಾಜಕೀಯ ಲಾಭಕ್ಕಾಗಿ ರೈತರನ್ನು ದಾರಿ ತಪ್ಪಿಸಲಾಗುತ್ತಿದೆ. ರಾಜ್ಯ ಸರ್ಕಾರ ಯಾವುದೇ ರೈತರ ಜಮೀನನ್ನು ವಕ್ಫ್ ಆಸ್ತಿಯನ್ನಾಗಿ ಪರಿವರ್ತಿಸುವುದಿಲ್ಲ ಎಂದು ಸ್ಪಷ್ಟಪಡಿಸಿದೆ. ಉಪಚುನಾವಣೆಯಲ್ಲಿ ಜನರು ಕಾಂಗ್ರೆಸ್‌ಗೆ ಆಶೀರ್ವಾದ ಮಾಡಿದ್ದಾರೆ ಎಂದರು. ಸರ್ಕಾರದ ಗ್ಯಾರಂಟಿ ಯೋಜನೆಗಳು ಜನರಿಗೆ ತಲುಪಿವೆ ಎಂದು ಹೇಳಿದರು.
ವಕ್ಫ್ ಆಸ್ತಿಗಳ ವಿಚಾರವನ್ನು ಮುಂದಿಟ್ಟುಕೊಂಡು ಯತ್ನಾಳ್ ನೇತೃತ್ವದ ತಂಡ ನಡೆಸುತ್ತಿರುವ ಹೋರಾಟ ರಾಜಕೀಯ ಅಸ್ತಿತ್ವಕ್ಕಾಗಿಯೇ ಹೊರತು ಬೇರೇನೂ ಅಲ್ಲ ಎಂದು ಕಾಂಗ್ರೆಸ್ ಮುಖಂಡ ರವಿ ಬೋಸರಾಜು ಟೀಕಿಸಿದರು. ನಗರದಲ್ಲಿ ಸುದ್ದಿಗೋಷ್ಠಿಯಲ್ಲಿ ಮಾತನಾಡಿದ
ಅಂತಿಮ ಪಟ್ಟಿ ಪ್ರಕಟಿಸದೆ ನಿರ್ಲಕ್ಷ, ಅನುಮಾನ | ಮಹಾಂತೇಶ, ಕೃಷ್ಣಾ, ಆಂಜನೇಯ್ಯ ಕಾವಲಿ ಸ್ಪರ್ಧೆ
ಸರ್ಕಾರಿ ನೌಕರರ ಸಂಘದ ಚುನಾವಣಾಧಿಕಾರಿ ನಾಪತ್ತೆ ..?
ಸುದ್ದಿಮೂಲ ವಾರ್ತೆ ರಾಯಚೂರು, ನ.29:
ಕರ್ನಾಟಕ ರಾಜ್ಯ ಸರ್ಕಾರಿ ನೌಕರರ ಸಂಘದ ಜಿಲ್ಲಾಧ್ಯಕ್ಷ ಸ್ಥಾನ ಚುನಾವಣಾಧಿಕಾರಿ ಅಂತಿಮ ಪಟ್ಟಿ ಪ್ರಕಟಿಸದೇ ನಿರ್ಲಕ್ಷ್ಯ ವಹಿಸಿದ್ದು, ಅನುಮಾನಕ್ಕೆ ಕಾರಣವಾಗಿದೆ. ಜಿಲ್ಲಾ ಸರ್ಕಾರಿ ನೌಕರರ ಸಂಘದ ಚುನಾವಣೆ ಪ್ರಕ್ರಿಯೆ ಆರಂಭವಾಗಿದ್ದು ನಾಮಪತ್ರ ಸಲ್ಲಿಕೆ ಹಾಗೂ ಪರಿಶೀಲನೆ ಮುಗಿದು ನಾಮಪತ್ರ ವಾಪಸ್ ಪಡೆಯುವ ಪ್ರಕ್ರಿಯೆ ಮುಗಿದರೂ ಅಂತಿಮ ಪಟ್ಟಿ ಪ್ರಕಟಿಸಿಲ್ಲ. ಚುನಾವಣಾಧಿಕಾರಿ ಕಚೇರಿಗೆ ಬಾರದೇ ನಾಪತ್ತೆಯಾಗಿರುವುದು ಅಭ್ಯರ್ಥಿಗಳಲ್ಲಿ ಗೊಂದಲ ಮೂಡಿಸಿದೆ. ಅಧ್ಯಕ್ಷ ಸ್ಥಾನಕ್ಕೆ ಮಹಾಂತೇಶ, ಕೃಷ್ಣಾ ಹಾಗೂ ಆಂಜನೇಯ್ಯ ಕಾವಲಿ ಸ್ಪರ್ಧೆಯಲ್ಲಿದ್ದು ತೀವ್ರ ಪೈಪೋಟಿ ಏರ್ಪಟ್ಟಿದೆ. ಶುಕ್ರವಾರ ಸಂಜೆ 5 ಗಂಟೆಯವರೆಗೂ ನಾಮಪತ್ರ ವಾಪಸ್ ಪಡೆಯಲು ಅವಕಾಶವಿತ್ತು. ನಂತರ ಕಣದಲ್ಲಿರುವ ಅಂತಿಮ ಅಭ್ಯರ್ಥಿಗಳ ಪಟ್ಟಿ ಪ್ರಕಟಿಸಬೇಕಿತ್ತು. ಆದರೆ ಚುನಾವಣಾಧಿಕಾರಿ ಫೋನ್ ಸ್ವಿಚ್ ಆಫ್ ಮಾಡಿಕೊಂಡಿದ್ದು ಸಂಪರ್ಕಕ್ಕೆ ಸಿಗುತ್ತಿಲ್ಲ. ಇದು ವಿವಿಧ ಅನುಮಾನಗಳಿಗೆ ಕಾರಣವಾಗಿದೆ. ಜಿಲ್ಲಾಧಿಕಾರಿಗಳು ಹಾಗೂ ರಾಜ್ಯ ಸಂಘ ಕೂಡಲೇ ಮಧ್ಯ ಪ್ರವೇಶಿಸಿ ಪಾರದರ್ಶಕ ಚುನಾವಣೆ ನಡೆಸಲು ಕ್ರಮ ಕೈಗೊಳ್ಳಬೇಕು ಎಂದು ನೌಕರರು ಆಗ್ರಹಿಸಿದ್ದಾರೆ. ಡಿಸೆಂಬರ್ ಮೊದಲ ವಾರದಲ್ಲಿ ಮತದಾನ ನಡೆಯಲಿದ್ದು, ಅಭ್ಯರ್ಥಿಗಳು ಈಗಾಗಲೇ ಪ್ರಚಾರ ಆರಂಭಿಸಿದ್ದಾರೆ. ಈ ಬಗ್ಗೆ ಚುನಾವಣಾಧಿಕಾರಿಯನ್ನು ಸಂಪರ್ಕಿಸಲು ಯತ್ನಿಸಿದರೂ ಲಭ್ಯರಾಗಲಿಲ್ಲ.
+	+
